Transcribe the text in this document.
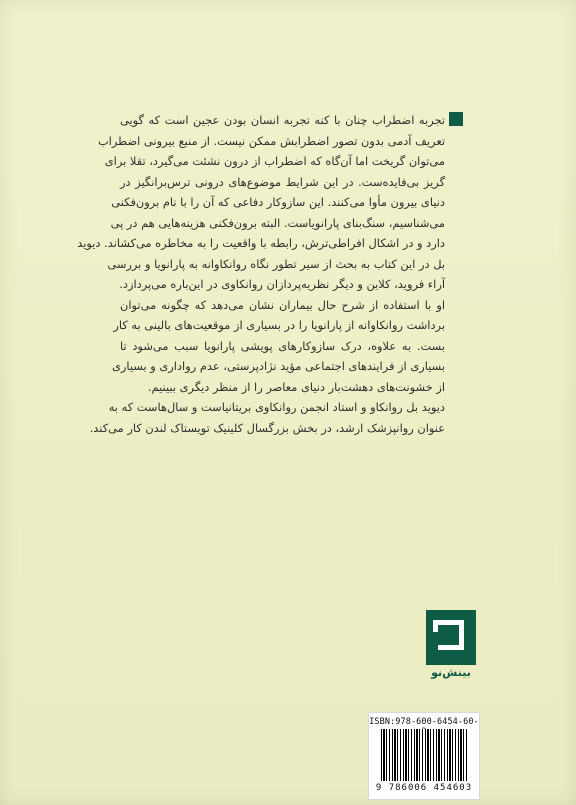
تجربه اضطراب چنان با کنه تجربه انسان بودن عجین است که گویی
تعریف آدمی بدون تصور اضطرابش ممکن نیست. از منبع بیرونی اضطراب
می‌توان گریخت اما آن‌گاه که اضطراب از درون نشئت می‌گیرد، تقلا برای
گریز بی‌فایده‌ست. در این شرایط موضوع‌های درونی ترس‌برانگیز در
دنیای بیرون مأوا می‌کنند. این سازوکار دفاعی که آن را با نام برون‌فکنی
می‌شناسیم، سنگ‌بنای پارانویاست. البته برون‌فکنی هزینه‌هایی هم در پی
دارد و در اشکال افراطی‌ترش، رابطه با واقعیت را به مخاطره می‌کشاند. دیوید
بل در این کتاب به بحث از سیر تطور نگاه روانکاوانه به پارانویا و بررسی
آراء فروید، کلاین و دیگر نظریه‌پردازان روانکاوی در این‌باره می‌پردازد.
او با استفاده از شرح حال بیماران نشان می‌دهد که چگونه می‌توان
برداشت روانکاوانه از پارانویا را در بسیاری از موقعیت‌های بالینی به کار
بست. به علاوه، درک سازوکارهای پویشی پارانویا سبب می‌شود تا
بسیاری از فرایندهای اجتماعی مؤید نژادپرستی، عدم رواداری و بسیاری
از خشونت‌های دهشت‌بار دنیای معاصر را از منظر دیگری ببینیم.
دیوید بل روانکاو و استاد انجمن روانکاوی بریتانیاست و سال‌هاست که به
عنوان روانپزشک ارشد، در بخش بزرگسال کلینیک تویستاک لندن کار می‌کند.
بینش‌نو
ISBN:978-600-6454-60-
9 786006 454603
